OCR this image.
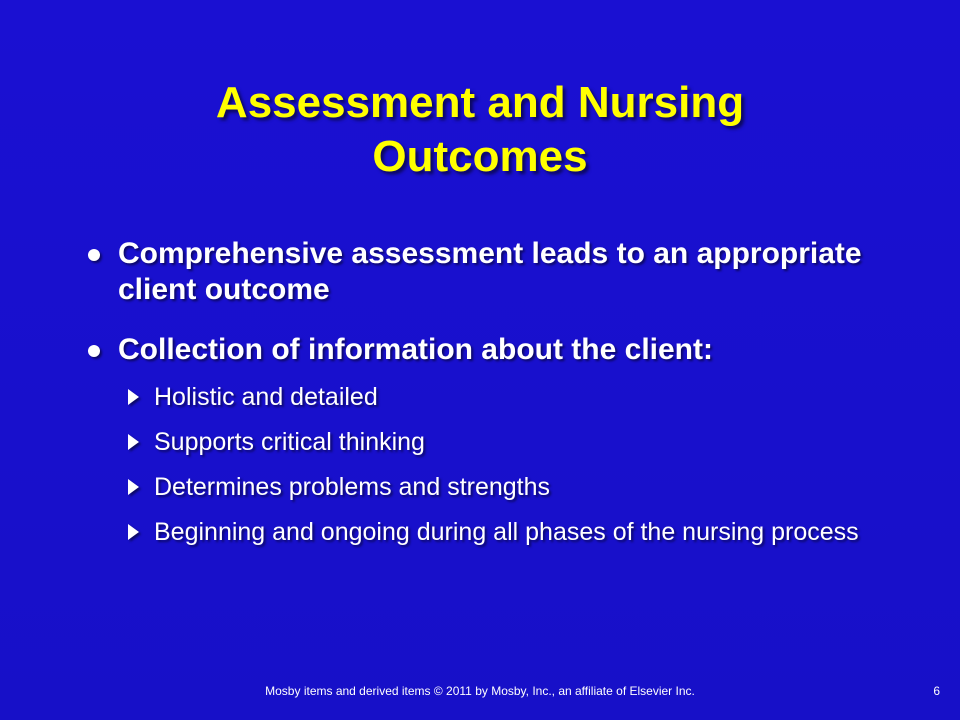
Assessment and Nursing Outcomes
Comprehensive assessment leads to an appropriate client outcome
Collection of information about the client:
Holistic and detailed
Supports critical thinking
Determines problems and strengths
Beginning and ongoing during all phases of the nursing process
Mosby items and derived items © 2011 by Mosby, Inc., an affiliate of Elsevier Inc.	6
